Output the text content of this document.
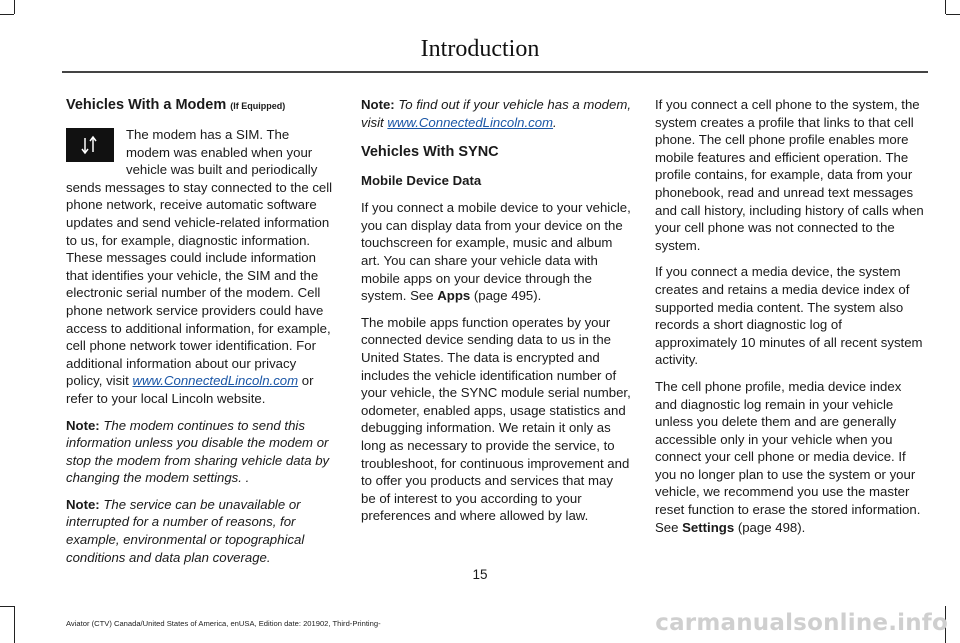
Introduction
Vehicles With a Modem (If Equipped)

The modem has a SIM. The modem was enabled when your vehicle was built and periodically sends messages to stay connected to the cell phone network, receive automatic software updates and send vehicle-related information to us, for example, diagnostic information. These messages could include information that identifies your vehicle, the SIM and the electronic serial number of the modem. Cell phone network service providers could have access to additional information, for example, cell phone network tower identification. For additional information about our privacy policy, visit www.ConnectedLincoln.com or refer to your local Lincoln website.

Note: The modem continues to send this information unless you disable the modem or stop the modem from sharing vehicle data by changing the modem settings. .

Note: The service can be unavailable or interrupted for a number of reasons, for example, environmental or topographical conditions and data plan coverage.

Note: To find out if your vehicle has a modem, visit www.ConnectedLincoln.com.

Vehicles With SYNC
Mobile Device Data

If you connect a mobile device to your vehicle, you can display data from your device on the touchscreen for example, music and album art. You can share your vehicle data with mobile apps on your device through the system. See Apps (page 495).

The mobile apps function operates by your connected device sending data to us in the United States. The data is encrypted and includes the vehicle identification number of your vehicle, the SYNC module serial number, odometer, enabled apps, usage statistics and debugging information. We retain it only as long as necessary to provide the service, to troubleshoot, for continuous improvement and to offer you products and services that may be of interest to you according to your preferences and where allowed by law.

If you connect a cell phone to the system, the system creates a profile that links to that cell phone. The cell phone profile enables more mobile features and efficient operation. The profile contains, for example, data from your phonebook, read and unread text messages and call history, including history of calls when your cell phone was not connected to the system.

If you connect a media device, the system creates and retains a media device index of supported media content. The system also records a short diagnostic log of approximately 10 minutes of all recent system activity.

The cell phone profile, media device index and diagnostic log remain in your vehicle unless you delete them and are generally accessible only in your vehicle when you connect your cell phone or media device. If you no longer plan to use the system or your vehicle, we recommend you use the master reset function to erase the stored information. See Settings (page 498).

15
Aviator (CTV) Canada/United States of America, enUSA, Edition date: 201902, Third-Printing-	carmanualsonline.info
